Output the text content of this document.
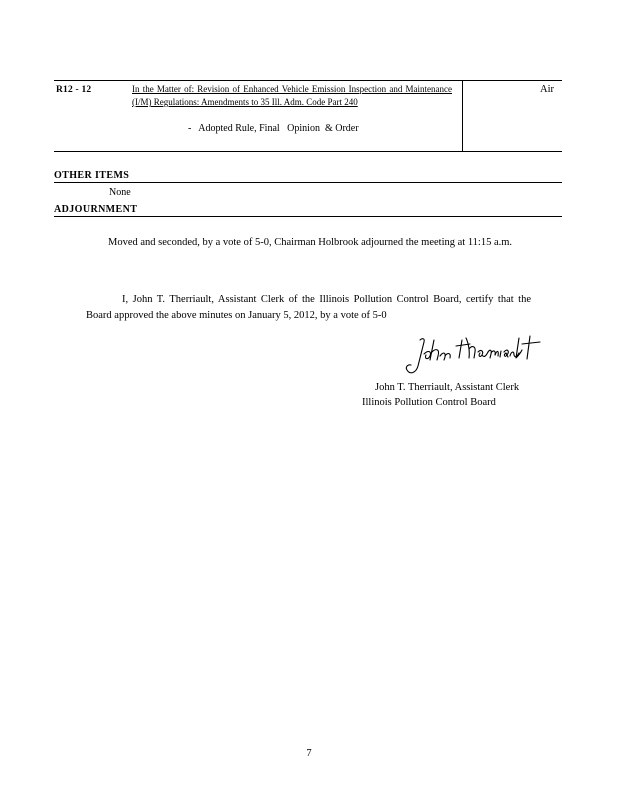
R12 - 12	In the Matter of: Revision of Enhanced Vehicle Emission Inspection and Maintenance (I/M) Regulations: Amendments to 35 Ill. Adm. Code Part 240
-   Adopted Rule, Final   Opinion  & Order
Air
OTHER ITEMS
None
ADJOURNMENT
Moved and seconded, by a vote of 5-0, Chairman Holbrook adjourned the meeting at 11:15 a.m.
I, John T. Therriault, Assistant Clerk of the Illinois Pollution Control Board, certify that the Board approved the above minutes on January 5, 2012, by a vote of 5-0
John T. Therriault
John T. Therriault, Assistant Clerk
Illinois Pollution Control Board
7
